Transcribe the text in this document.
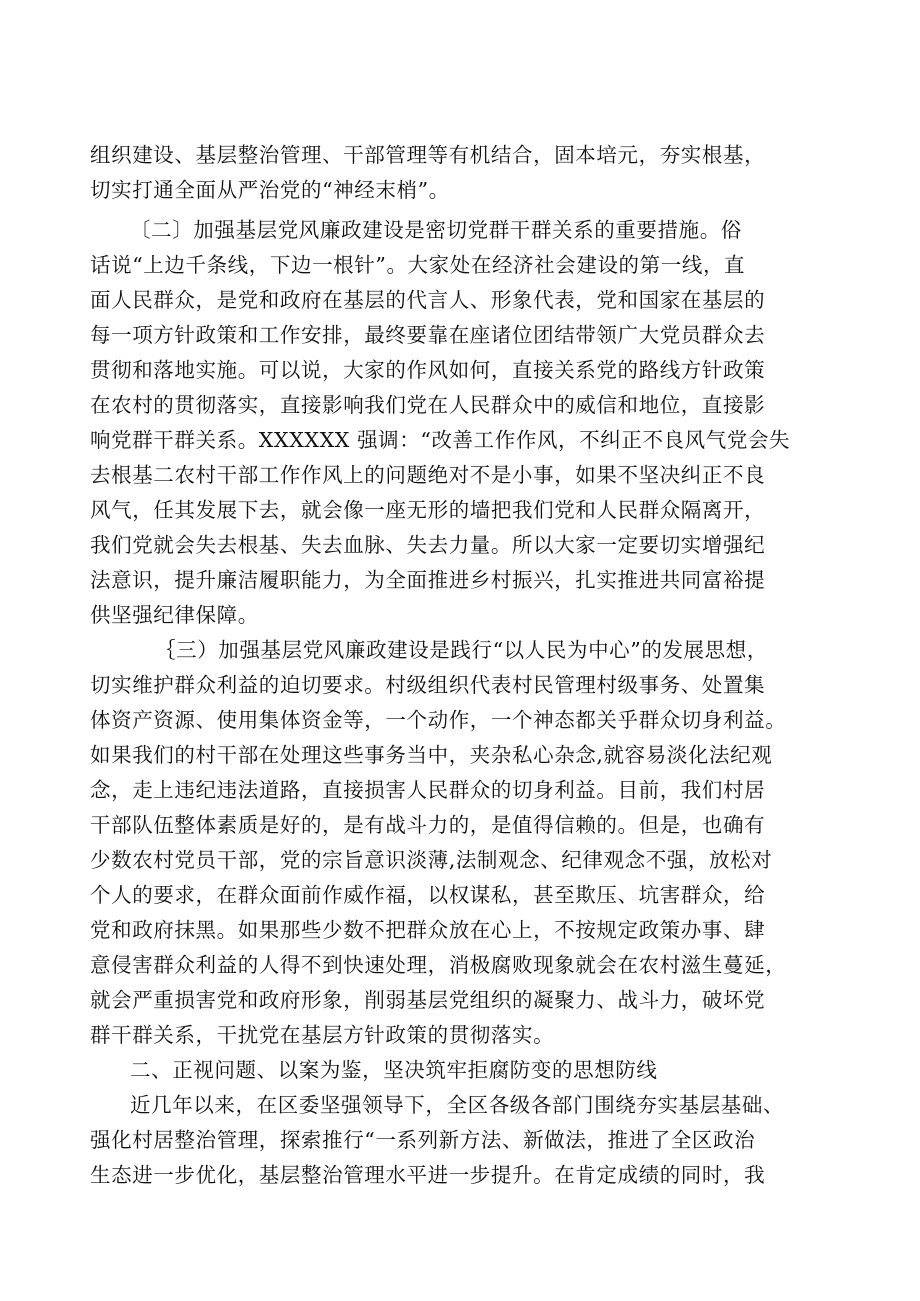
组织建设、基层整治管理、干部管理等有机结合，固本培元，夯实根基，
切实打通全面从严治党的“神经末梢”。
〔二〕加强基层党风廉政建设是密切党群干群关系的重要措施。俗
话说“上边千条线，下边一根针”。大家处在经济社会建设的第一线，直
面人民群众，是党和政府在基层的代言人、形象代表，党和国家在基层的
每一项方针政策和工作安排，最终要靠在座诸位团结带领广大党员群众去
贯彻和落地实施。可以说，大家的作风如何，直接关系党的路线方针政策
在农村的贯彻落实，直接影响我们党在人民群众中的威信和地位，直接影
响党群干群关系。XXXXXX 强调：“改善工作作风，不纠正不良风气党会失
去根基二农村干部工作作风上的问题绝对不是小事，如果不坚决纠正不良
风气，任其发展下去，就会像一座无形的墙把我们党和人民群众隔离开，
我们党就会失去根基、失去血脉、失去力量。所以大家一定要切实增强纪
法意识，提升廉洁履职能力，为全面推进乡村振兴，扎实推进共同富裕提
供坚强纪律保障。
｛三）加强基层党风廉政建设是践行“以人民为中心”的发展思想，
切实维护群众利益的迫切要求。村级组织代表村民管理村级事务、处置集
体资产资源、使用集体资金等，一个动作，一个神态都关乎群众切身利益。
如果我们的村干部在处理这些事务当中，夹杂私心杂念,就容易淡化法纪观
念，走上违纪违法道路，直接损害人民群众的切身利益。目前，我们村居
干部队伍整体素质是好的，是有战斗力的，是值得信赖的。但是，也确有
少数农村党员干部，党的宗旨意识淡薄,法制观念、纪律观念不强，放松对
个人的要求，在群众面前作威作福，以权谋私，甚至欺压、坑害群众，给
党和政府抹黑。如果那些少数不把群众放在心上，不按规定政策办事、肆
意侵害群众利益的人得不到快速处理，消极腐败现象就会在农村滋生蔓延，
就会严重损害党和政府形象，削弱基层党组织的凝聚力、战斗力，破坏党
群干群关系，干扰党在基层方针政策的贯彻落实。
二、正视问题、以案为鉴，坚决筑牢拒腐防变的思想防线
近几年以来，在区委坚强领导下，全区各级各部门围绕夯实基层基础、
强化村居整治管理，探索推行“一系列新方法、新做法，推进了全区政治
生态进一步优化，基层整治管理水平进一步提升。在肯定成绩的同时，我
